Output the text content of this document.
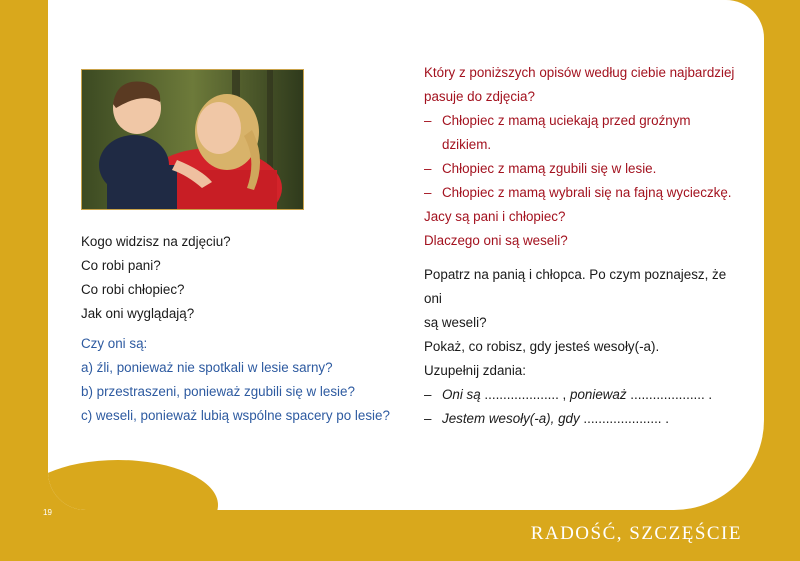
Kogo widzisz na zdjęciu?
Co robi pani?
Co robi chłopiec?
Jak oni wyglądają?
Czy oni są:
a) źli, ponieważ nie spotkali w lesie sarny?
b) przestraszeni, ponieważ zgubili się w lesie?
c) weseli, ponieważ lubią wspólne spacery po lesie?
Który z poniższych opisów według ciebie najbardziej
pasuje do zdjęcia?
– Chłopiec z mamą uciekają przed groźnym dzikiem.
– Chłopiec z mamą zgubili się w lesie.
– Chłopiec z mamą wybrali się na fajną wycieczkę.
Jacy są pani i chłopiec?
Dlaczego oni są weseli?
Popatrz na panią i chłopca. Po czym poznajesz, że oni
są weseli?
Pokaż, co robisz, gdy jesteś wesoły(-a).
Uzupełnij zdania:
– Oni są .................... , ponieważ .................... .
– Jestem wesoły(-a), gdy ..................... .
19
RADOŚĆ, SZCZĘŚCIE
